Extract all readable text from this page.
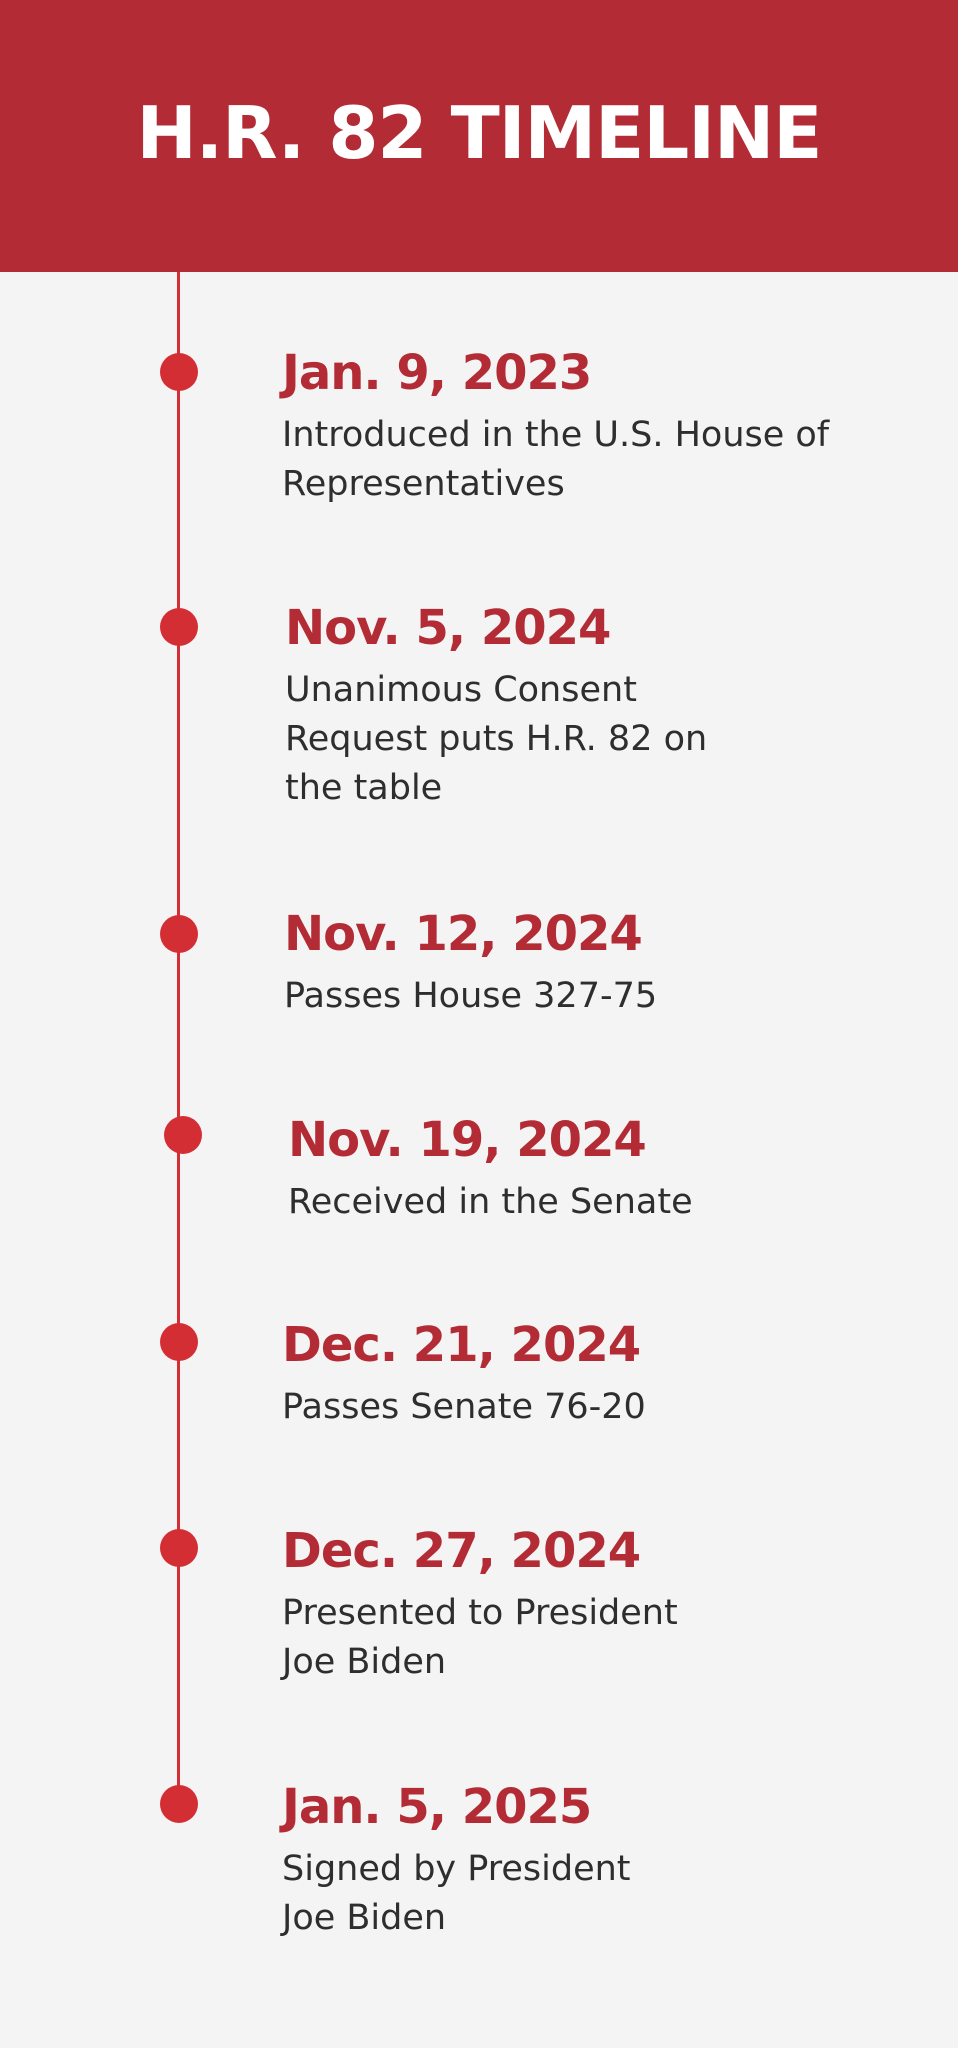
H.R. 82 TIMELINE
Jan. 9, 2023
Introduced in the U.S. House of
Representatives
Nov. 5, 2024
Unanimous Consent
Request puts H.R. 82 on
the table
Nov. 12, 2024
Passes House 327-75
Nov. 19, 2024
Received in the Senate
Dec. 21, 2024
Passes Senate 76-20
Dec. 27, 2024
Presented to President
Joe Biden
Jan. 5, 2025
Signed by President
Joe Biden
